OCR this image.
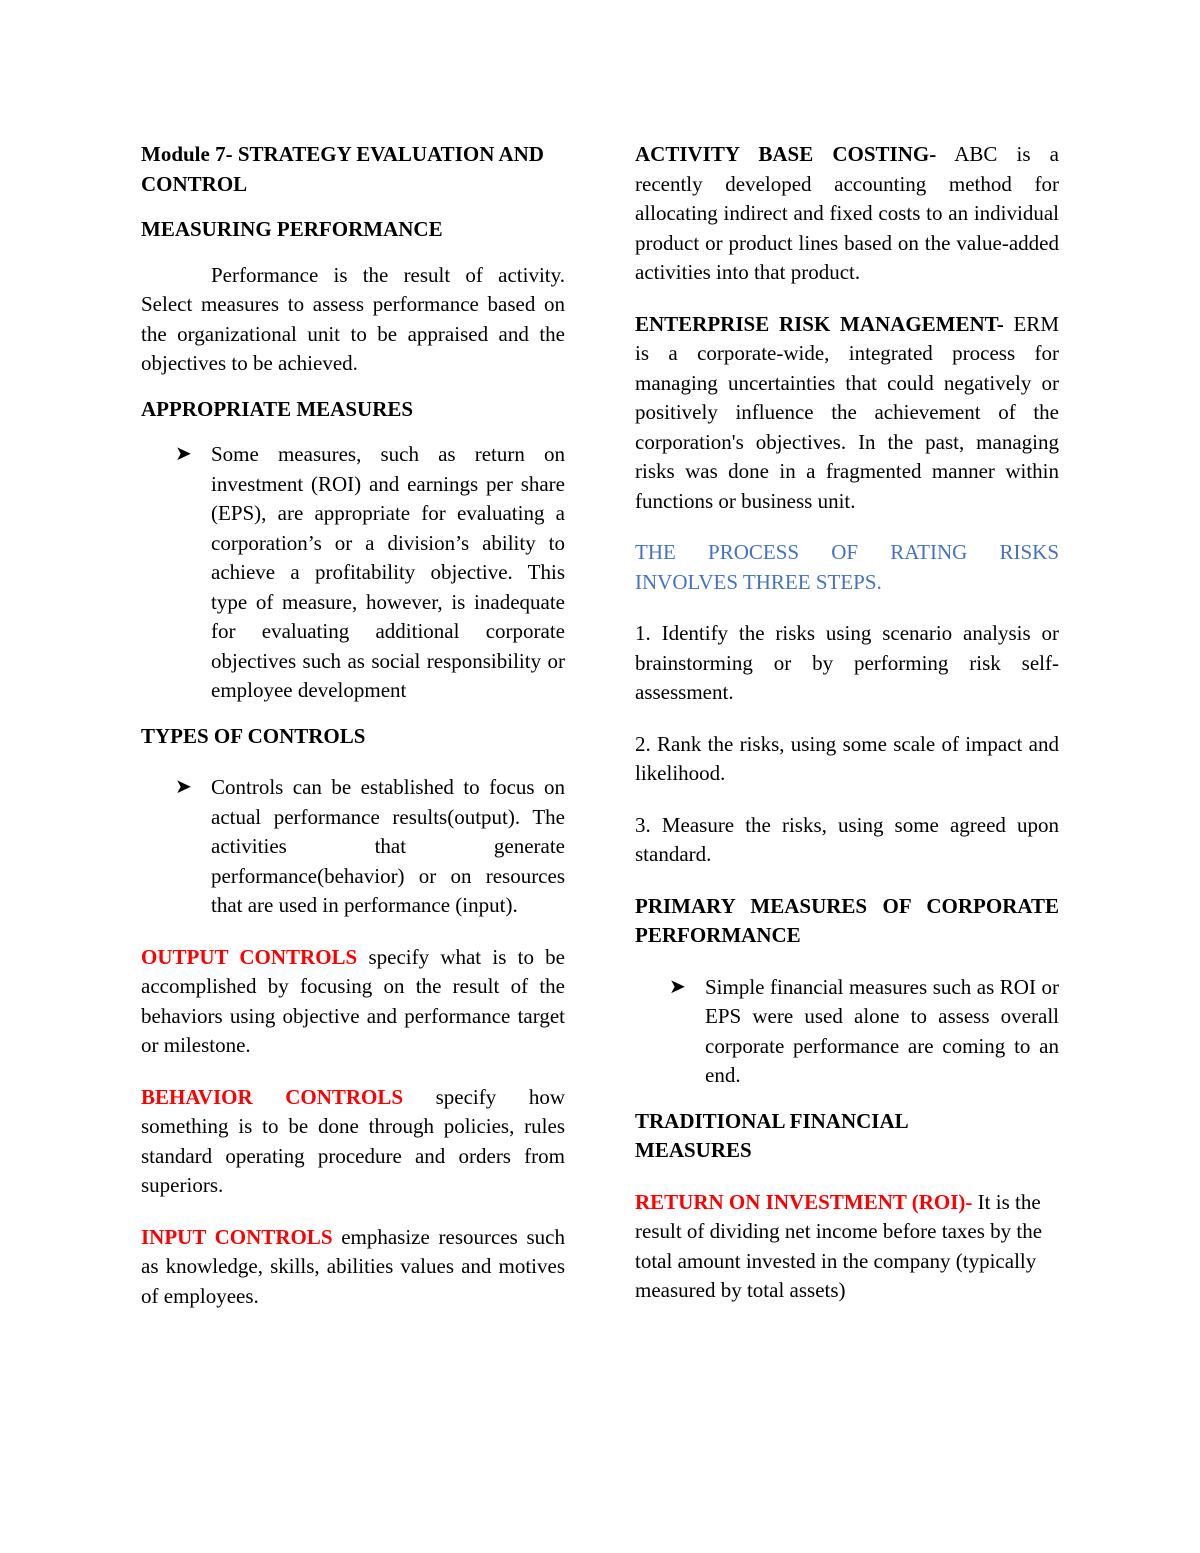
Module 7- STRATEGY EVALUATION AND CONTROL

MEASURING PERFORMANCE

Performance is the result of activity. Select measures to assess performance based on the organizational unit to be appraised and the objectives to be achieved.

APPROPRIATE MEASURES

➤ Some measures, such as return on investment (ROI) and earnings per share (EPS), are appropriate for evaluating a corporation’s or a division’s ability to achieve a profitability objective. This type of measure, however, is inadequate for evaluating additional corporate objectives such as social responsibility or employee development

TYPES OF CONTROLS

➤ Controls can be established to focus on actual performance results(output). The activities that generate performance(behavior) or on resources that are used in performance (input).

OUTPUT CONTROLS specify what is to be accomplished by focusing on the result of the behaviors using objective and performance target or milestone.

BEHAVIOR CONTROLS specify how something is to be done through policies, rules standard operating procedure and orders from superiors.

INPUT CONTROLS emphasize resources such as knowledge, skills, abilities values and motives of employees.

ACTIVITY BASE COSTING- ABC is a recently developed accounting method for allocating indirect and fixed costs to an individual product or product lines based on the value-added activities into that product.

ENTERPRISE RISK MANAGEMENT- ERM is a corporate-wide, integrated process for managing uncertainties that could negatively or positively influence the achievement of the corporation's objectives. In the past, managing risks was done in a fragmented manner within functions or business unit.

THE PROCESS OF RATING RISKS INVOLVES THREE STEPS.

1. Identify the risks using scenario analysis or brainstorming or by performing risk self-assessment.

2. Rank the risks, using some scale of impact and likelihood.

3. Measure the risks, using some agreed upon standard.

PRIMARY MEASURES OF CORPORATE PERFORMANCE

➤ Simple financial measures such as ROI or EPS were used alone to assess overall corporate performance are coming to an end.

TRADITIONAL FINANCIAL MEASURES

RETURN ON INVESTMENT (ROI)- It is the result of dividing net income before taxes by the total amount invested in the company (typically measured by total assets)
